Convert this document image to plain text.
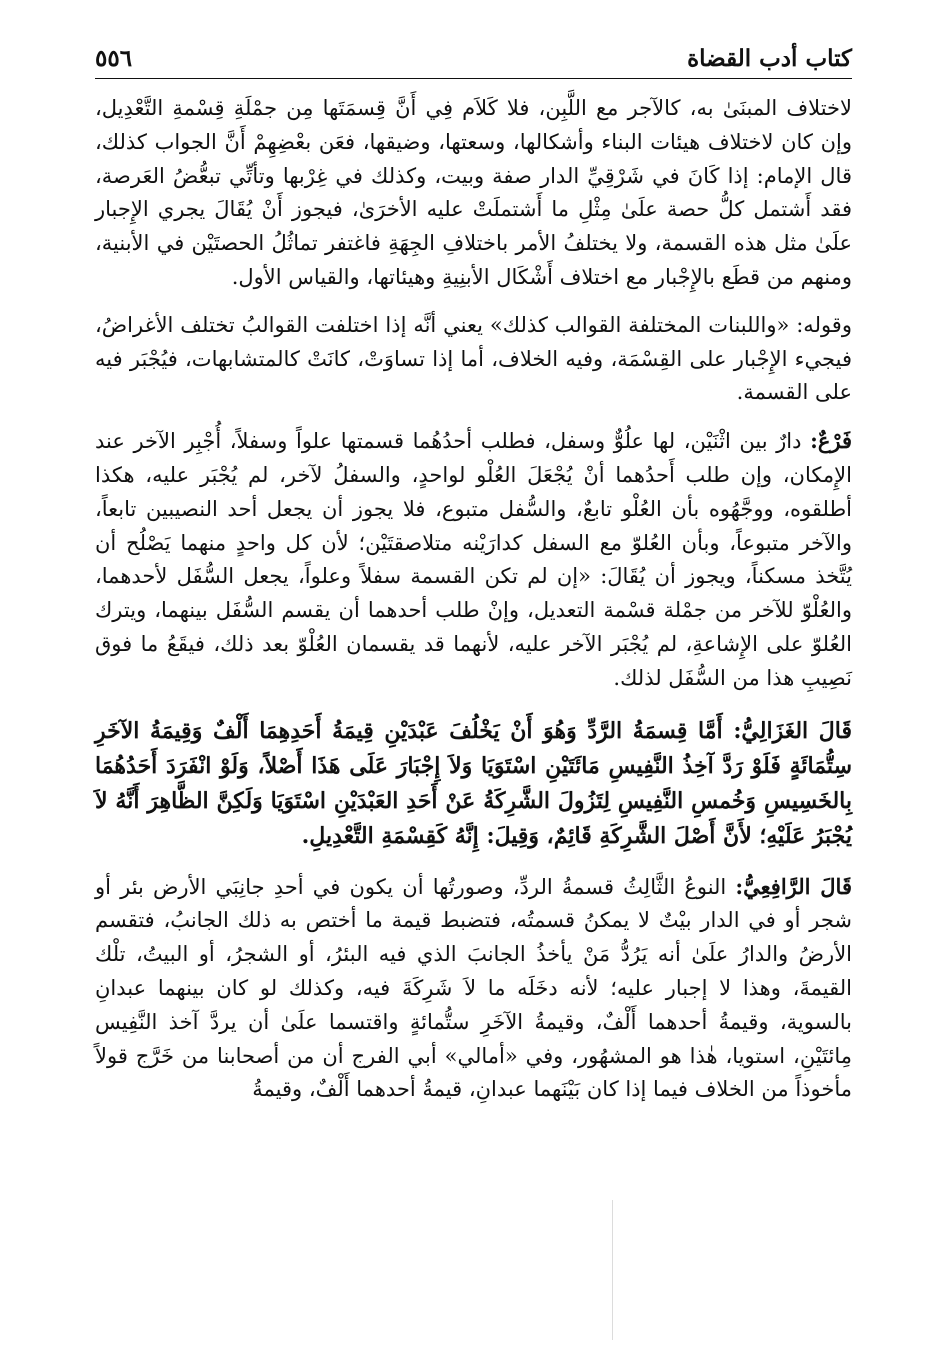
كتاب أدب القضاة
٥٥٦

لاختلاف المبنَىٰ به، كالآجر مع اللَّبِن، فلا كَلاَم فِي أَنَّ قِسمَتَها مِن جمْلَةِ قِسْمةِ التَّعْدِيل، وإن كان لاختلاف هيئات البناء وأشكالها، وسعتها، وضيقها، فعَن بعْضِهِمْ أَنَّ الجواب كذلك، قال الإمام: إذا كَانَ في شَرْقِيِّ الدار صفة وبيت، وكذلك في غِرْبها وتأتِّي تبعُّضُ العَرصة، فقد أَشتمل كلُّ حصة علَىٰ مِثْلِ ما أَشتملَتْ عليه الأخرَىٰ، فيجوز أَنْ يُقَالَ يجري الإِجبار علَىٰ مثل هذه القسمة، ولا يختلفُ الأمر باختلافِ الجِهَةِ فاغتفر تماثُلُ الحصتَيْن في الأبنية، ومنهم من قطَع بالإِجْبار مع اختلاف أَشْكَال الأبنِيةِ وهيئاتها، والقياس الأول.

وقوله: «واللبنات المختلفة القوالب كذلك» يعني أنَّه إذا اختلفت القوالبُ تختلف الأغراضُ، فيجيء الإِجْبار على القِسْمَة، وفيه الخلاف، أما إذا تساوَتْ، كانَتْ كالمتشابهات، فيُجْبَر فيه على القسمة.

فَرْعٌ: دارٌ بين اثْنَيْن، لها علُوٌّ وسفل، فطلب أحدُهُما قسمتها علواً وسفلاً، أُجْبِر الآخر عند الإِمكان، وإن طلب أَحدُهما أنْ يُجْعَلَ العُلْو لواحدٍ، والسفلُ لآخر، لم يُجْبَر عليه، هكذا أطلقوه، ووجَّهُوه بأن العُلْو تابعٌ، والسُّفل متبوع، فلا يجوز أن يجعل أحد النصيبين تابعاً، والآخر متبوعاً، وبأن العُلوّ مع السفل كدارَيْنه متلاصقتَيْن؛ لأن كل واحدٍ منهما يَصْلُح أن يُتَّخذ مسكناً، ويجوز أن يُقَالَ: «إن لم تكن القسمة سفلاً وعلواً، يجعل السُّفَل لأحدهما، والعُلْوّ للآخر من جمْلة قسْمة التعديل، وإنْ طلب أحدهما أن يقسم السُّفَل بينهما، ويترك العُلوّ على الإِشاعةِ، لم يُجْبَر الآخر عليه، لأنهما قد يقسمان العُلْوّ بعد ذلك، فيقَعُ ما فوق نَصِيبِ هذا من السُّفَل لذلك.

قَالَ الغَزَالِيُّ: أَمَّا قِسمَةُ الرَّدِّ وَهُوَ أَنْ يَخْلُفَ عَبْدَيْنِ قِيمَةُ أَحَدِهِمَا أَلْفٌ وَقِيمَةُ الآخَرِ سِتُّمَائَةٍ فَلَوْ رَدَّ آخِذُ النَّفِيسِ مَائَتَيْنِ اسْتَوَيَا وَلاَ إِجْبَارَ عَلَى هَذَا أَصْلاً، وَلَوْ انْفَرَدَ أَحَدُهُمَا بِالخَسِيسِ وَخُمسِ النَّفِيسِ لِتَزُولَ الشَّرِكَةُ عَنْ أَحَدِ العَبْدَيْنِ اسْتَوَيَا وَلَكِنَّ الظَّاهِرَ أَنَّهُ لاَ يُجْبَرُ عَلَيْهِ؛ لأَنَّ أَصْلَ الشَّرِكَةِ قَائِمٌ، وَقِيلَ: إِنَّهُ كَقِسْمَةِ التَّعْدِيلِ.

قَالَ الرَّافِعِيُّ: النوعُ الثَّالِثُ قسمةُ الردِّ، وصورتُها أن يكون في أحدِ جانِبَي الأرض بئر أو شجر أو في الدار بيْتٌ لا يمكنُ قسمتُه، فتضبط قيمة ما أختص به ذلك الجانبُ، فتقسم الأرضُ والدارُ علَىٰ أنه يَرُدُّ مَنْ يأخذُ الجانبَ الذي فيه البئرُ، أو الشجرُ، أو البيتُ، تلْك القيمةَ، وهذا لا إجبار عليه؛ لأنه دخَلَه ما لاَ شَرِكَةَ فيه، وكذلك لو كان بينهما عبدانِ بالسوية، وقيمةُ أحدهما أَلْفٌ، وقيمةُ الآخَرِ ستُّمائةٍ واقتسما علَىٰ أن يردَّ آخذ النَّفِيس مِائتَيْنِ، استويا، هٰذا هو المشهُور، وفي «أمالي» أبي الفرج أن من أصحابنا من خَرَّج قولاً مأخوذاً من الخلاف فيما إذا كان بَيْنَهما عبدانِ، قيمةُ أحدهما أَلْفٌ، وقيمةُ
